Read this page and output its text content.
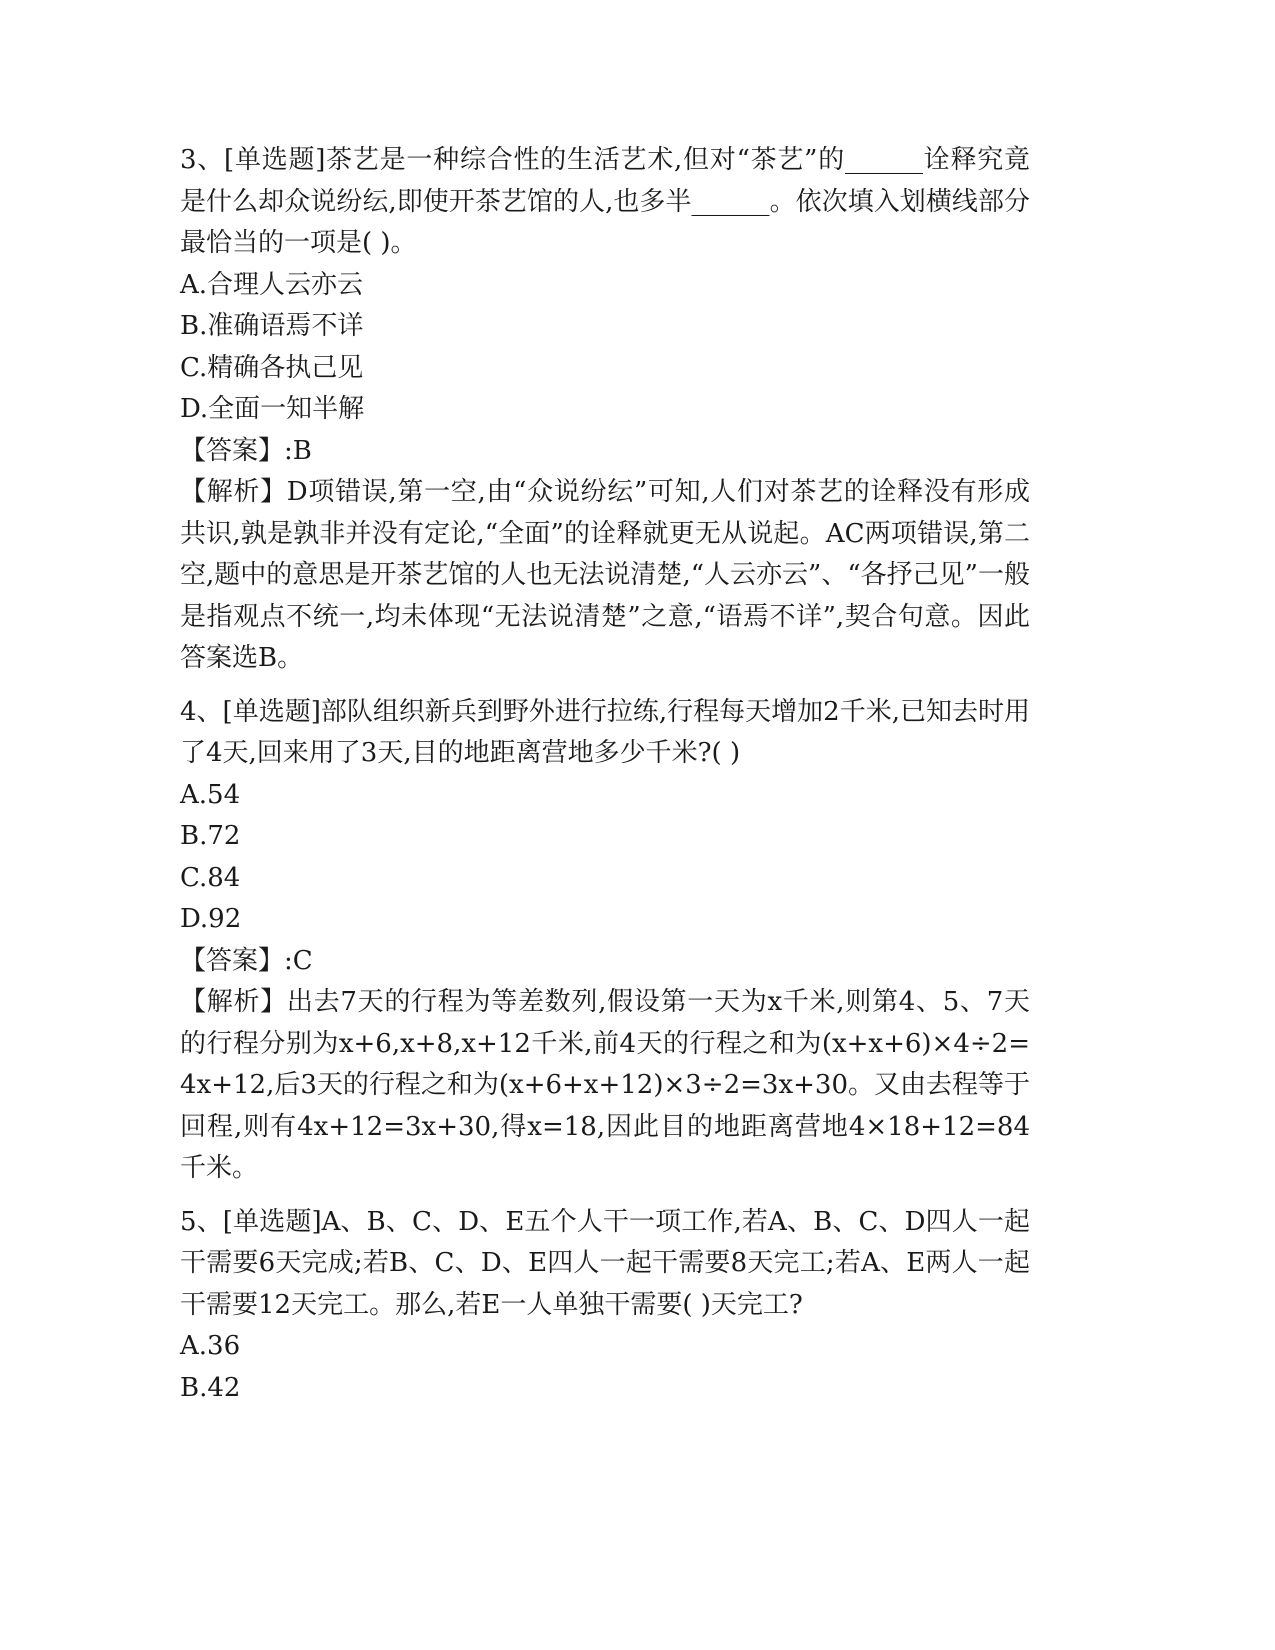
3、[单选题]茶艺是一种综合性的生活艺术,但对“茶艺”的______诠释究竟是什么却众说纷纭,即使开茶艺馆的人,也多半______。依次填入划横线部分最恰当的一项是( )。

A.合理人云亦云

B.准确语焉不详

C.精确各执己见

D.全面一知半解

【答案】:B

【解析】D项错误,第一空,由“众说纷纭”可知,人们对茶艺的诠释没有形成共识,孰是孰非并没有定论,“全面”的诠释就更无从说起。AC两项错误,第二空,题中的意思是开茶艺馆的人也无法说清楚,“人云亦云”、“各抒己见”一般是指观点不统一,均未体现“无法说清楚”之意,“语焉不详”,契合句意。因此答案选B。

4、[单选题]部队组织新兵到野外进行拉练,行程每天增加2千米,已知去时用了4天,回来用了3天,目的地距离营地多少千米?( )

A.54

B.72

C.84

D.92

【答案】:C

【解析】出去7天的行程为等差数列,假设第一天为x千米,则第4、5、7天的行程分别为x+6,x+8,x+12千米,前4天的行程之和为(x+x+6)×4÷2=4x+12,后3天的行程之和为(x+6+x+12)×3÷2=3x+30。又由去程等于回程,则有4x+12=3x+30,得x=18,因此目的地距离营地4×18+12=84千米。

5、[单选题]A、B、C、D、E五个人干一项工作,若A、B、C、D四人一起干需要6天完成;若B、C、D、E四人一起干需要8天完工;若A、E两人一起干需要12天完工。那么,若E一人单独干需要( )天完工?

A.36

B.42
